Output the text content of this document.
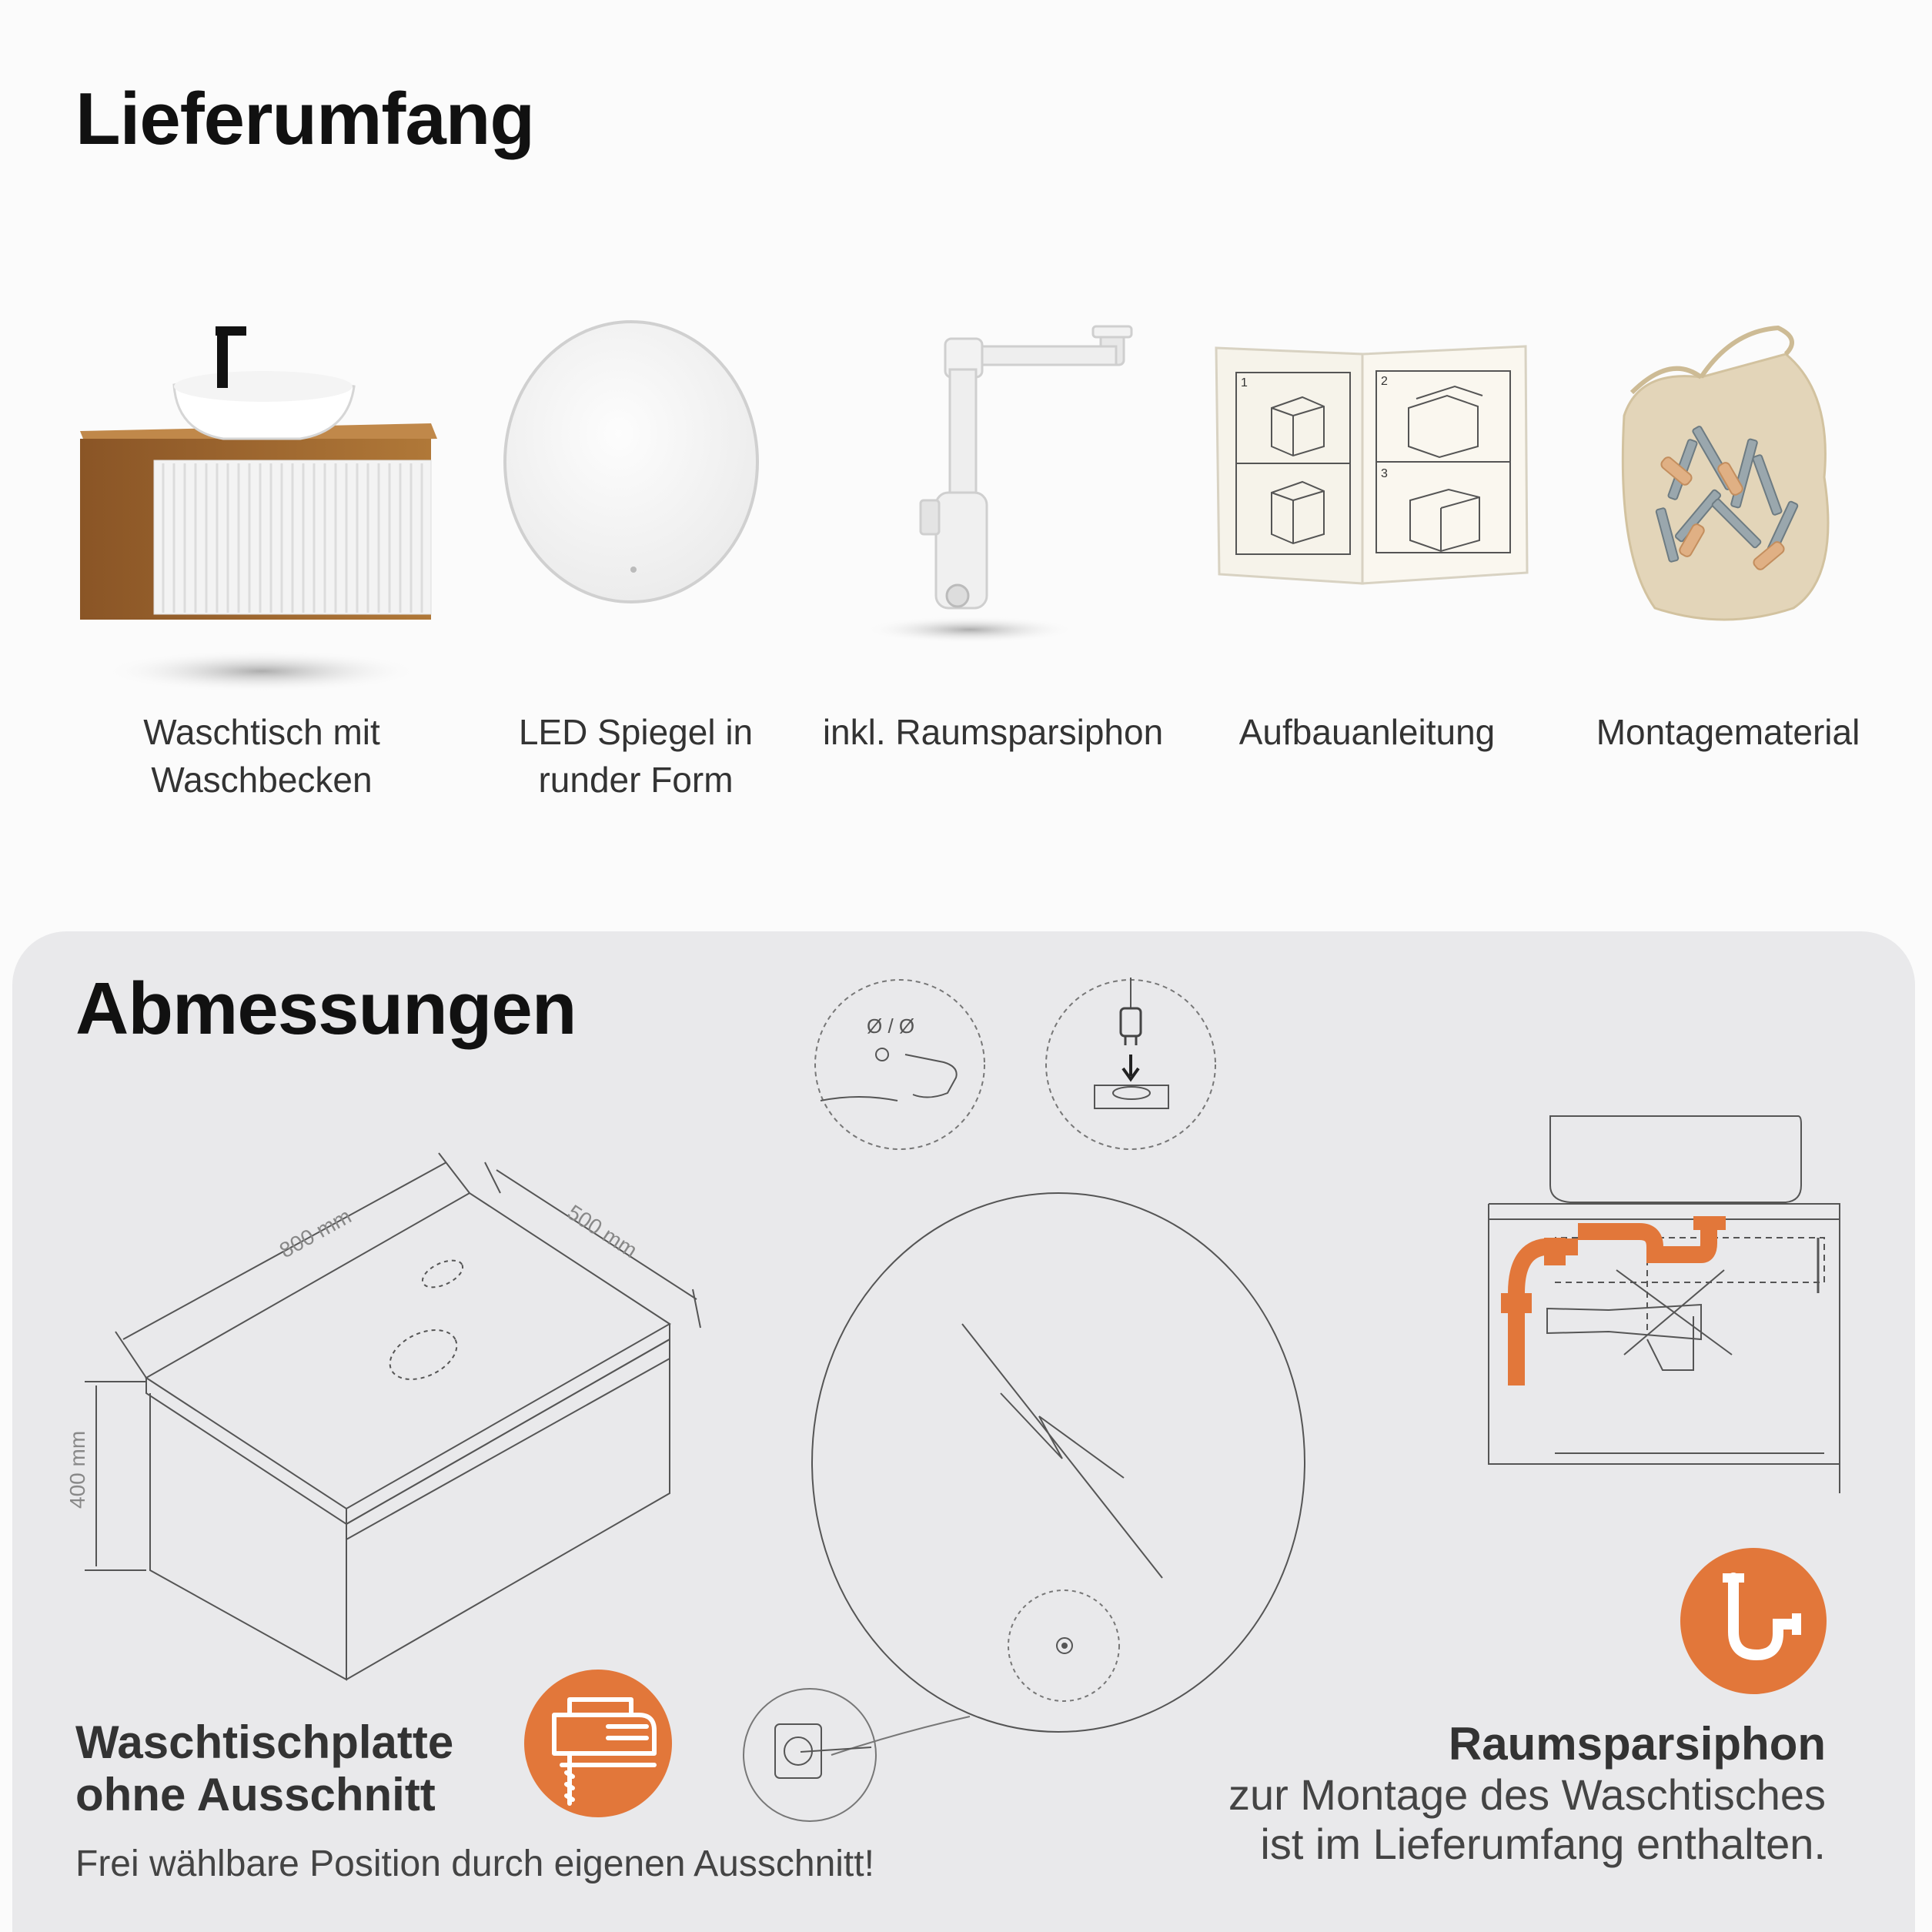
Lieferumfang
1	2
3
Waschtisch mit
Waschbecken
LED Spiegel in
runder Form
inkl. Raumsparsiphon	Aufbauanleitung	Montagematerial
Abmessungen
800 mm	500 mm
400 mm
Ø / Ø
Waschtischplatte
ohne Ausschnitt
Frei wählbare Position durch eigenen Ausschnitt!
Raumsparsiphon
zur Montage des Waschtisches
ist im Lieferumfang enthalten.
